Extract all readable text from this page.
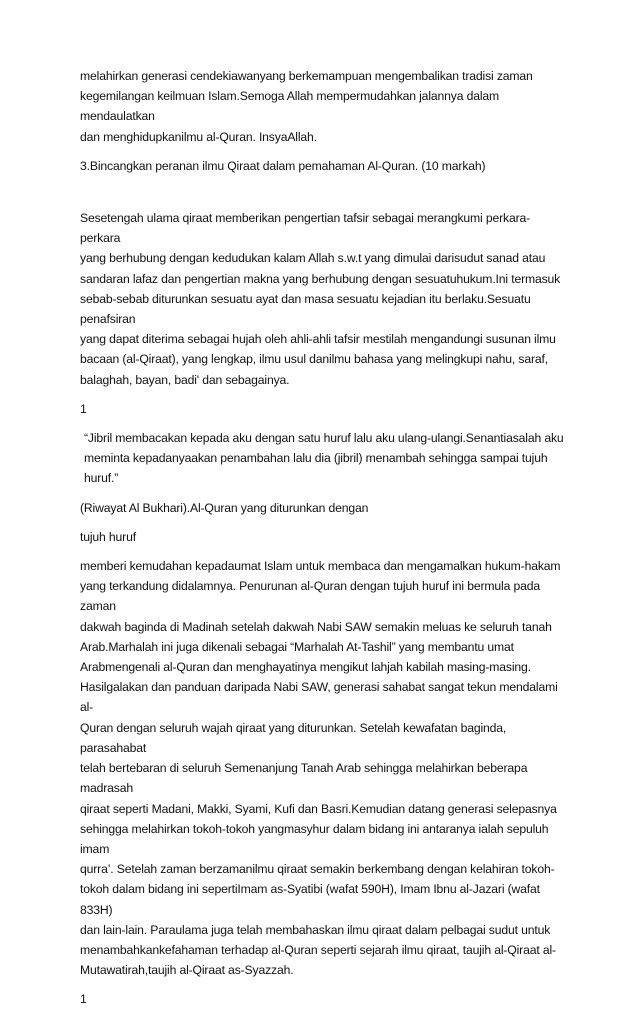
melahirkan generasi cendekiawanyang berkemampuan mengembalikan tradisi zaman
kegemilangan keilmuan Islam.Semoga Allah mempermudahkan jalannya dalam mendaulatkan
dan menghidupkanilmu al-Quran. InsyaAllah.

3.Bincangkan peranan ilmu Qiraat dalam pemahaman Al-Quran. (10 markah)

Sesetengah ulama qiraat memberikan pengertian tafsir sebagai merangkumi perkara-perkara
yang berhubung dengan kedudukan kalam Allah s.w.t yang dimulai darisudut sanad atau
sandaran lafaz dan pengertian makna yang berhubung dengan sesuatuhukum.Ini termasuk
sebab-sebab diturunkan sesuatu ayat dan masa sesuatu kejadian itu berlaku.Sesuatu penafsiran
yang dapat diterima sebagai hujah oleh ahli-ahli tafsir mestilah mengandungi susunan ilmu
bacaan (al-Qiraat), yang lengkap, ilmu usul danilmu bahasa yang melingkupi nahu, saraf,
balaghah, bayan, badi' dan sebagainya.

1

“Jibril membacakan kepada aku dengan satu huruf lalu aku ulang-ulangi.Senantiasalah aku
meminta kepadanyaakan penambahan lalu dia (jibril) menambah sehingga sampai tujuh huruf.”

(Riwayat Al Bukhari).Al-Quran yang diturunkan dengan

tujuh huruf

memberi kemudahan kepadaumat Islam untuk membaca dan mengamalkan hukum-hakam
yang terkandung didalamnya. Penurunan al-Quran dengan tujuh huruf ini bermula pada zaman
dakwah baginda di Madinah setelah dakwah Nabi SAW semakin meluas ke seluruh tanah
Arab.Marhalah ini juga dikenali sebagai “Marhalah At-Tashil” yang membantu umat
Arabmengenali al-Quran dan menghayatinya mengikut lahjah kabilah masing-masing.
Hasilgalakan dan panduan daripada Nabi SAW, generasi sahabat sangat tekun mendalami al-
Quran dengan seluruh wajah qiraat yang diturunkan. Setelah kewafatan baginda, parasahabat
telah bertebaran di seluruh Semenanjung Tanah Arab sehingga melahirkan beberapa madrasah
qiraat seperti Madani, Makki, Syami, Kufi dan Basri.Kemudian datang generasi selepasnya
sehingga melahirkan tokoh-tokoh yangmasyhur dalam bidang ini antaranya ialah sepuluh imam
qurra’. Setelah zaman berzamanilmu qiraat semakin berkembang dengan kelahiran tokoh-
tokoh dalam bidang ini sepertiImam as-Syatibi (wafat 590H), Imam Ibnu al-Jazari (wafat 833H)
dan lain-lain. Paraulama juga telah membahaskan ilmu qiraat dalam pelbagai sudut untuk
menambahkankefahaman terhadap al-Quran seperti sejarah ilmu qiraat, taujih al-Qiraat al-
Mutawatirah,taujih al-Qiraat as-Syazzah.

1
